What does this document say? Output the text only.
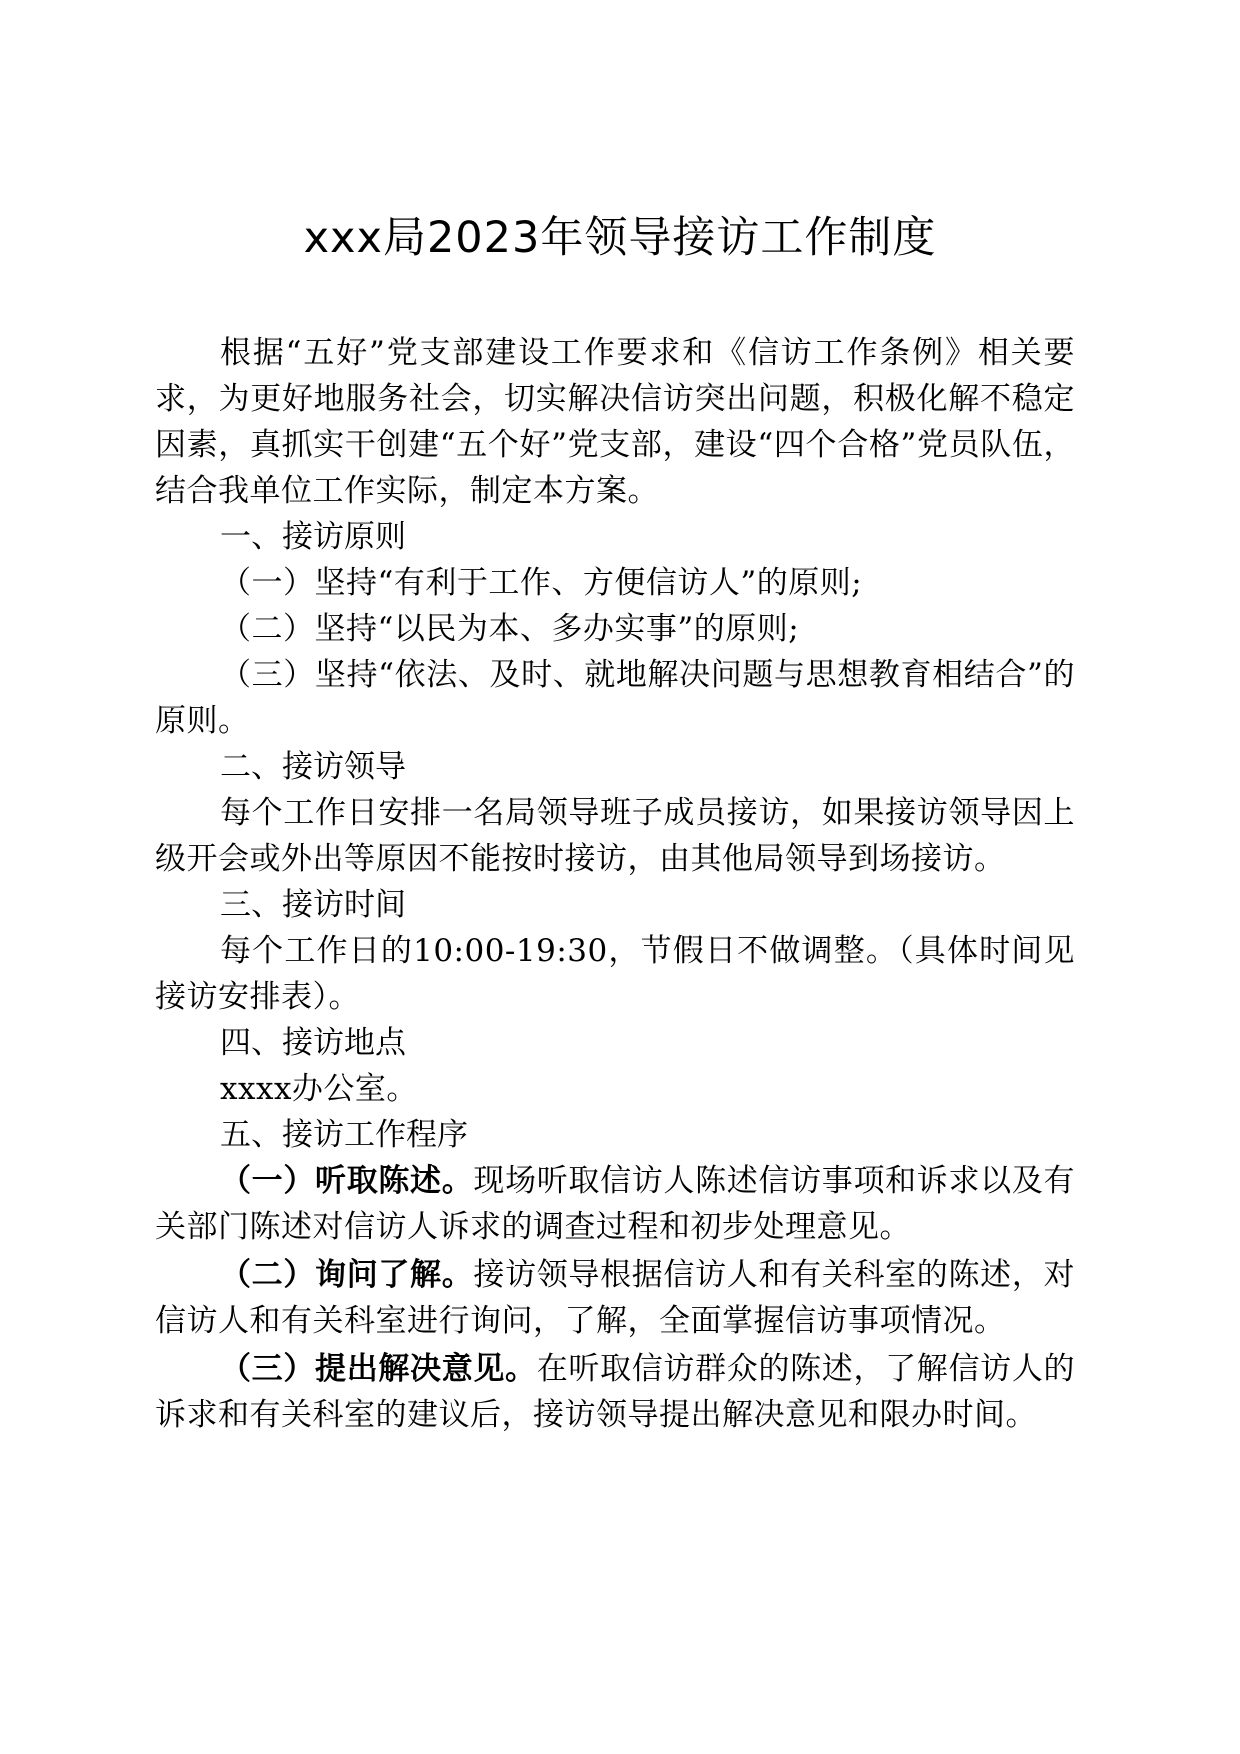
xxx局2023年领导接访工作制度

根据“五好”党支部建设工作要求和《信访工作条例》相关要求，为更好地服务社会，切实解决信访突出问题，积极化解不稳定因素，真抓实干创建“五个好”党支部，建设“四个合格”党员队伍，结合我单位工作实际，制定本方案。

一、接访原则

（一）坚持“有利于工作、方便信访人”的原则;

（二）坚持“以民为本、多办实事”的原则;

（三）坚持“依法、及时、就地解决问题与思想教育相结合”的原则。

二、接访领导

每个工作日安排一名局领导班子成员接访，如果接访领导因上级开会或外出等原因不能按时接访，由其他局领导到场接访。

三、接访时间

每个工作日的10:00-19:30，节假日不做调整。（具体时间见接访安排表）。

四、接访地点

xxxx办公室。

五、接访工作程序

（一）听取陈述。现场听取信访人陈述信访事项和诉求以及有关部门陈述对信访人诉求的调查过程和初步处理意见。

（二）询问了解。接访领导根据信访人和有关科室的陈述，对信访人和有关科室进行询问，了解，全面掌握信访事项情况。

（三）提出解决意见。在听取信访群众的陈述，了解信访人的诉求和有关科室的建议后，接访领导提出解决意见和限办时间。
